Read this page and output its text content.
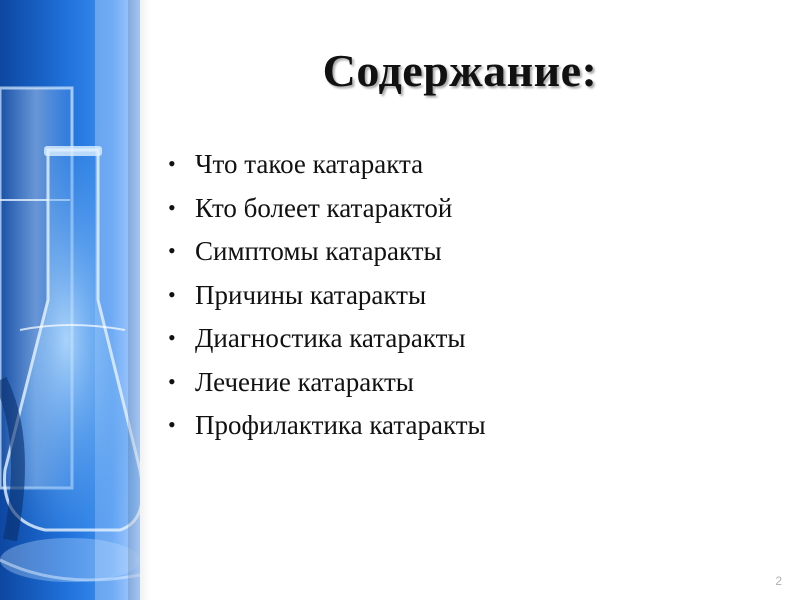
Содержание:
• Что такое катаракта
• Кто болеет катарактой
• Симптомы катаракты
• Причины катаракты
• Диагностика катаракты
• Лечение катаракты
• Профилактика катаракты
2
